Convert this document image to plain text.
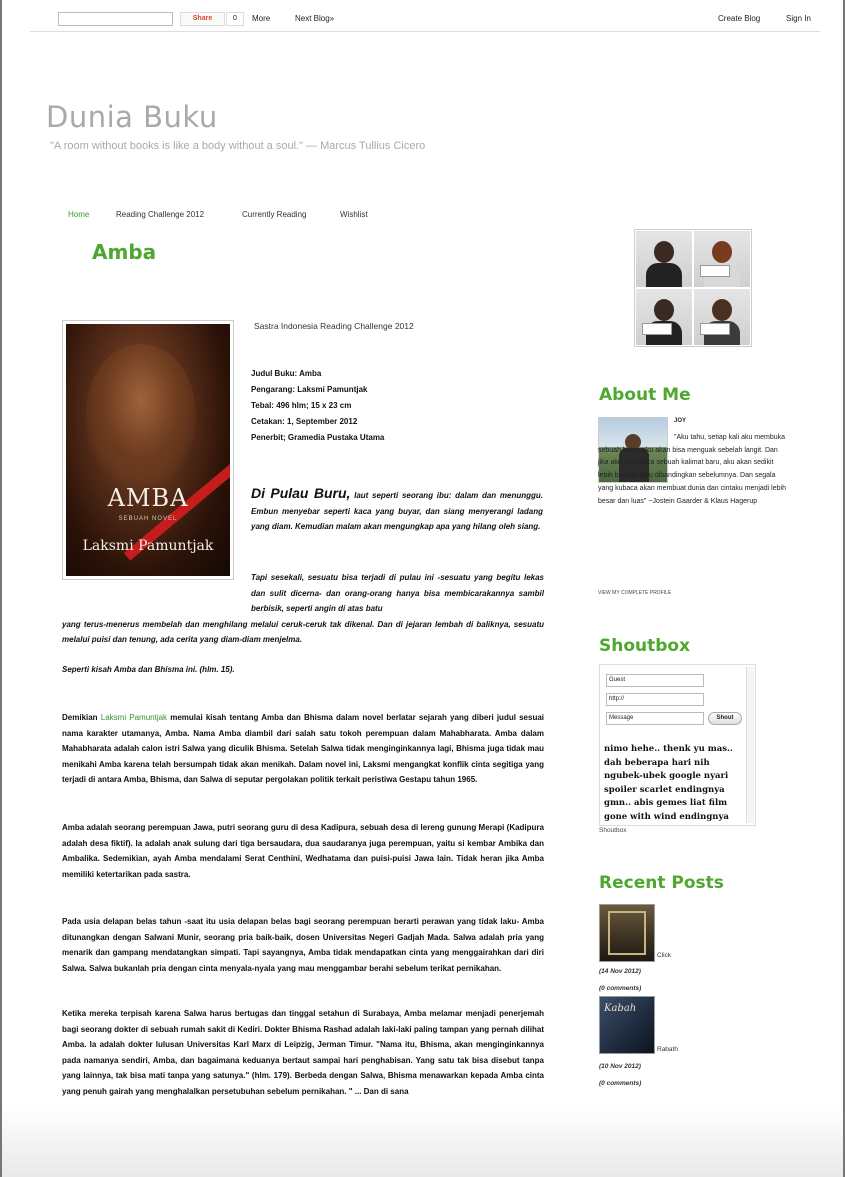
Share	0	More	Next Blog»	Create Blog	Sign In
Dunia Buku
"A room without books is like a body without a soul." — Marcus Tullius Cicero
Home	Reading Challenge 2012	Currently Reading	Wishlist
Amba
AMBA
SEBUAH NOVEL
Laksmi Pamuntjak
Sastra Indonesia Reading Challenge 2012
Judul Buku: Amba
Pengarang: Laksmi Pamuntjak
Tebal: 496 hlm; 15 x 23 cm
Cetakan: 1, September 2012
Penerbit; Gramedia Pustaka Utama
Di Pulau Buru, laut seperti seorang ibu: dalam dan menunggu. Embun menyebar seperti kaca yang buyar, dan siang menyerangi ladang yang diam. Kemudian malam akan mengungkap apa yang hilang oleh siang.
Tapi sesekali, sesuatu bisa terjadi di pulau ini -sesuatu yang begitu lekas dan sulit dicerna- dan orang-orang hanya bisa membicarakannya sambil berbisik, seperti angin di atas batu
yang terus-menerus membelah dan menghilang melalui ceruk-ceruk tak dikenal. Dan di jejaran lembah di baliknya, sesuatu melalui puisi dan tenung, ada cerita yang diam-diam menjelma.
Seperti kisah Amba dan Bhisma ini. (hlm. 15).
Demikian Laksmi Pamuntjak memulai kisah tentang Amba dan Bhisma dalam novel berlatar sejarah yang diberi judul sesuai nama karakter utamanya, Amba. Nama Amba diambil dari salah satu tokoh perempuan dalam Mahabharata. Amba dalam Mahabharata adalah calon istri Salwa yang diculik Bhisma. Setelah Salwa tidak menginginkannya lagi, Bhisma juga tidak mau menikahi Amba karena telah bersumpah tidak akan menikah. Dalam novel ini, Laksmi mengangkat konflik cinta segitiga yang terjadi di antara Amba, Bhisma, dan Salwa di seputar pergolakan politik terkait peristiwa Gestapu tahun 1965.
Amba adalah seorang perempuan Jawa, putri seorang guru di desa Kadipura, sebuah desa di lereng gunung Merapi (Kadipura adalah desa fiktif). Ia adalah anak sulung dari tiga bersaudara, dua saudaranya juga perempuan, yaitu si kembar Ambika dan Ambalika. Sedemikian, ayah Amba mendalami Serat Centhini, Wedhatama dan puisi-puisi Jawa lain. Tidak heran jika Amba memiliki ketertarikan pada sastra.
Pada usia delapan belas tahun -saat itu usia delapan belas bagi seorang perempuan berarti perawan yang tidak laku- Amba ditunangkan dengan Salwani Munir, seorang pria baik-baik, dosen Universitas Negeri Gadjah Mada. Salwa adalah pria yang menarik dan gampang mendatangkan simpati. Tapi sayangnya, Amba tidak mendapatkan cinta yang menggairahkan dari diri Salwa. Salwa bukanlah pria dengan cinta menyala-nyala yang mau menggambar berahi sebelum terikat pernikahan.
Ketika mereka terpisah karena Salwa harus bertugas dan tinggal setahun di Surabaya, Amba melamar menjadi penerjemah bagi seorang dokter di sebuah rumah sakit di Kediri. Dokter Bhisma Rashad adalah laki-laki paling tampan yang pernah dilihat Amba. Ia adalah dokter lulusan Universitas Karl Marx di Leipzig, Jerman Timur. "Nama itu, Bhisma, akan menginginkannya pada namanya sendiri, Amba, dan bagaimana keduanya bertaut sampai hari penghabisan. Yang satu tak bisa disebut tanpa yang lainnya, tak bisa mati tanpa yang satunya." (hlm. 179). Berbeda dengan Salwa, Bhisma menawarkan kepada Amba cinta yang penuh gairah yang menghalalkan persetubuhan sebelum pernikahan. " ... Dan di sana
About Me
JOY
"Aku tahu, setiap kali aku membuka sebuah buku, aku akan bisa menguak sebelah langit. Dan jika aku membaca sebuah kalimat baru, aku akan sedikit lebih banyak tahu dibandingkan sebelumnya. Dan segala yang kubaca akan membuat dunia dan cintaku menjadi lebih besar dan luas" ~Jostein Gaarder & Klaus Hagerup
VIEW MY COMPLETE PROFILE
Shoutbox
Guest
http://
Message	Shout
nimo hehe.. thenk yu mas.. dah beberapa hari nih ngubek-ubek google nyari spoiler scarlet endingnya gmn.. abis gemes liat film gone with wind endingnya
Shoutbox
Recent Posts
Click
(14 Nov 2012)
(0 comments)
Kabah
Rabath
(10 Nov 2012)
(0 comments)
